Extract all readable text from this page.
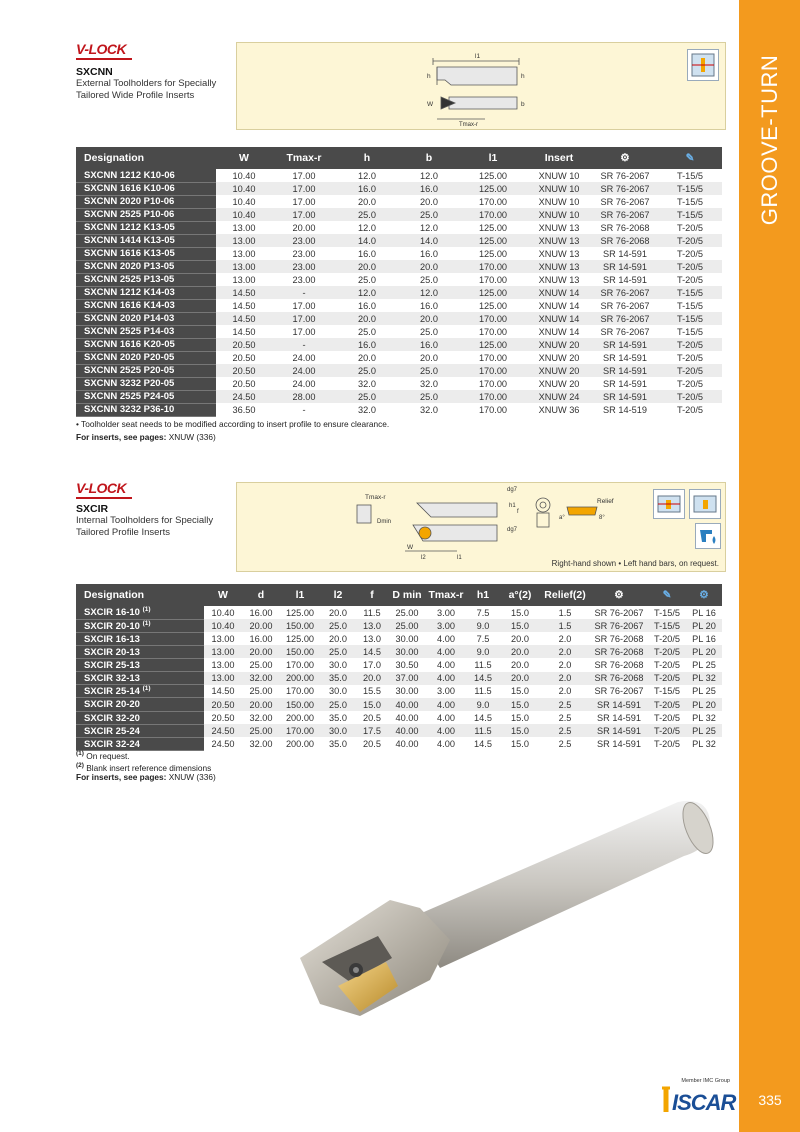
GROOVE-TURN
335
V-LOCK
SXCNN
External Toolholders for Specially Tailored Wide Profile Inserts
l1
h	h
W	b
Tmax-r
Designation	W	Tmax-r	h	b	l1	Insert	⚙	✎
SXCNN 1212 K10-06	10.40	17.00	12.0	12.0	125.00	XNUW 10	SR 76-2067	T-15/5
SXCNN 1616 K10-06	10.40	17.00	16.0	16.0	125.00	XNUW 10	SR 76-2067	T-15/5
SXCNN 2020 P10-06	10.40	17.00	20.0	20.0	170.00	XNUW 10	SR 76-2067	T-15/5
SXCNN 2525 P10-06	10.40	17.00	25.0	25.0	170.00	XNUW 10	SR 76-2067	T-15/5
SXCNN 1212 K13-05	13.00	20.00	12.0	12.0	125.00	XNUW 13	SR 76-2068	T-20/5
SXCNN 1414 K13-05	13.00	23.00	14.0	14.0	125.00	XNUW 13	SR 76-2068	T-20/5
SXCNN 1616 K13-05	13.00	23.00	16.0	16.0	125.00	XNUW 13	SR 14-591	T-20/5
SXCNN 2020 P13-05	13.00	23.00	20.0	20.0	170.00	XNUW 13	SR 14-591	T-20/5
SXCNN 2525 P13-05	13.00	23.00	25.0	25.0	170.00	XNUW 13	SR 14-591	T-20/5
SXCNN 1212 K14-03	14.50	-	12.0	12.0	125.00	XNUW 14	SR 76-2067	T-15/5
SXCNN 1616 K14-03	14.50	17.00	16.0	16.0	125.00	XNUW 14	SR 76-2067	T-15/5
SXCNN 2020 P14-03	14.50	17.00	20.0	20.0	170.00	XNUW 14	SR 76-2067	T-15/5
SXCNN 2525 P14-03	14.50	17.00	25.0	25.0	170.00	XNUW 14	SR 76-2067	T-15/5
SXCNN 1616 K20-05	20.50	-	16.0	16.0	125.00	XNUW 20	SR 14-591	T-20/5
SXCNN 2020 P20-05	20.50	24.00	20.0	20.0	170.00	XNUW 20	SR 14-591	T-20/5
SXCNN 2525 P20-05	20.50	24.00	25.0	25.0	170.00	XNUW 20	SR 14-591	T-20/5
SXCNN 3232 P20-05	20.50	24.00	32.0	32.0	170.00	XNUW 20	SR 14-591	T-20/5
SXCNN 2525 P24-05	24.50	28.00	25.0	25.0	170.00	XNUW 24	SR 14-591	T-20/5
SXCNN 3232 P36-10	36.50	-	32.0	32.0	170.00	XNUW 36	SR 14-519	T-20/5
• Toolholder seat needs to be modified according to insert profile to ensure clearance.
For inserts, see pages: XNUW (336)
V-LOCK
SXCIR
Internal Toolholders for Specially Tailored Profile Inserts
Tmax-r
Dmin
W
l2	l1
dg7
dg7
h1
f
Relief
a°	8°
Right-hand shown • Left hand bars, on request.
Designation	W	d	l1	l2	f	D min	Tmax-r	h1	a°(2)	Relief(2)	⚙	✎	⚙
SXCIR 16-10 $^{(1)}$	10.40	16.00	125.00	20.0	11.5	25.00	3.00	7.5	15.0	1.5	SR 76-2067	T-15/5	PL 16
SXCIR 20-10 $^{(1)}$	10.40	20.00	150.00	25.0	13.0	25.00	3.00	9.0	15.0	1.5	SR 76-2067	T-15/5	PL 20
SXCIR 16-13	13.00	16.00	125.00	20.0	13.0	30.00	4.00	7.5	20.0	2.0	SR 76-2068	T-20/5	PL 16
SXCIR 20-13	13.00	20.00	150.00	25.0	14.5	30.00	4.00	9.0	20.0	2.0	SR 76-2068	T-20/5	PL 20
SXCIR 25-13	13.00	25.00	170.00	30.0	17.0	30.50	4.00	11.5	20.0	2.0	SR 76-2068	T-20/5	PL 25
SXCIR 32-13	13.00	32.00	200.00	35.0	20.0	37.00	4.00	14.5	20.0	2.0	SR 76-2068	T-20/5	PL 32
SXCIR 25-14 $^{(1)}$	14.50	25.00	170.00	30.0	15.5	30.00	3.00	11.5	15.0	2.0	SR 76-2067	T-15/5	PL 25
SXCIR 20-20	20.50	20.00	150.00	25.0	15.0	40.00	4.00	9.0	15.0	2.5	SR 14-591	T-20/5	PL 20
SXCIR 32-20	20.50	32.00	200.00	35.0	20.5	40.00	4.00	14.5	15.0	2.5	SR 14-591	T-20/5	PL 32
SXCIR 25-24	24.50	25.00	170.00	30.0	17.5	40.00	4.00	11.5	15.0	2.5	SR 14-591	T-20/5	PL 25
SXCIR 32-24	24.50	32.00	200.00	35.0	20.5	40.00	4.00	14.5	15.0	2.5	SR 14-591	T-20/5	PL 32
$^{(1)}$ On request.
$^{(2)}$ Blank insert reference dimensions
For inserts, see pages: XNUW (336)
Member IMC Group
ISCAR
